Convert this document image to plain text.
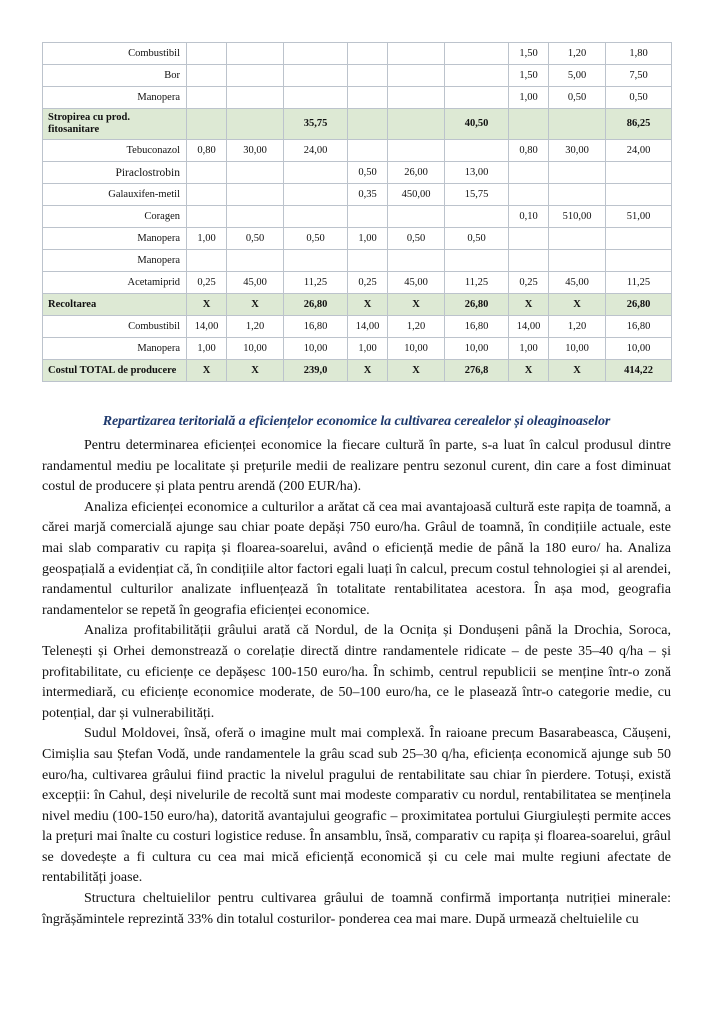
Combustibil							1,50	1,20	1,80
Bor							1,50	5,00	7,50
Manopera							1,00	0,50	0,50
Stropirea cu prod. fitosanitare			35,75			40,50			86,25
Tebuconazol	0,80	30,00	24,00				0,80	30,00	24,00
Piraclostrobin				0,50	26,00	13,00			
Galauxifen-metil				0,35	450,00	15,75			
Coragen							0,10	510,00	51,00
Manopera	1,00	0,50	0,50	1,00	0,50	0,50			
Manopera									
Acetamiprid	0,25	45,00	11,25	0,25	45,00	11,25	0,25	45,00	11,25
Recoltarea	X	X	26,80	X	X	26,80	X	X	26,80
Combustibil	14,00	1,20	16,80	14,00	1,20	16,80	14,00	1,20	16,80
Manopera	1,00	10,00	10,00	1,00	10,00	10,00	1,00	10,00	10,00
Costul TOTAL de producere	X	X	239,0	X	X	276,8	X	X	414,22
Repartizarea teritorială a eficiențelor economice la cultivarea cerealelor și oleaginoaselor

Pentru determinarea eficienței economice la fiecare cultură în parte, s-a luat în calcul produsul dintre randamentul mediu pe localitate și prețurile medii de realizare pentru sezonul curent, din care a fost diminuat costul de producere și plata pentru arendă (200 EUR/ha).

Analiza eficienței economice a culturilor a arătat că cea mai avantajoasă cultură este rapița de toamnă, a cărei marjă comercială ajunge sau chiar poate depăși 750 euro/ha. Grâul de toamnă, în condițiile actuale, este mai slab comparativ cu rapița și floarea-soarelui, având o eficiență medie de până la 180 euro/ ha. Analiza geospațială a evidențiat că, în condițiile altor factori egali luați în calcul, precum costul tehnologiei și al arendei, randamentul culturilor analizate influențează în totalitate rentabilitatea acestora. În așa mod, geografia randamentelor se repetă în geografia eficienței economice.

Analiza profitabilității grâului arată că Nordul, de la Ocnița și Dondușeni până la Drochia, Soroca, Telenești și Orhei demonstrează o corelație directă dintre randamentele ridicate – de peste 35–40 q/ha – și profitabilitate, cu eficiențe ce depășesc 100-150 euro/ha. În schimb, centrul republicii se menține într-o zonă intermediară, cu eficiențe economice moderate, de 50–100 euro/ha, ce le plasează într-o categorie medie, cu potențial, dar și vulnerabilități.

Sudul Moldovei, însă, oferă o imagine mult mai complexă. În raioane precum Basarabeasca, Căușeni, Cimișlia sau Ștefan Vodă, unde randamentele la grâu scad sub 25–30 q/ha, eficiența economică ajunge sub 50 euro/ha, cultivarea grâului fiind practic la nivelul pragului de rentabilitate sau chiar în pierdere. Totuși, există excepții: în Cahul, deși nivelurile de recoltă sunt mai modeste comparativ cu nordul, rentabilitatea se menținela nivel mediu (100-150 euro/ha), datorită avantajului geografic – proximitatea portului Giurgiulești permite acces la prețuri mai înalte cu costuri logistice reduse. În ansamblu, însă, comparativ cu rapița și floarea-soarelui, grâul se dovedește a fi cultura cu cea mai mică eficiență economică și cu cele mai multe regiuni afectate de rentabilități joase.

Structura cheltuielilor pentru cultivarea grâului de toamnă confirmă importanța nutriției minerale: îngrășămintele reprezintă 33% din totalul costurilor- ponderea cea mai mare. După urmează cheltuielile cu
